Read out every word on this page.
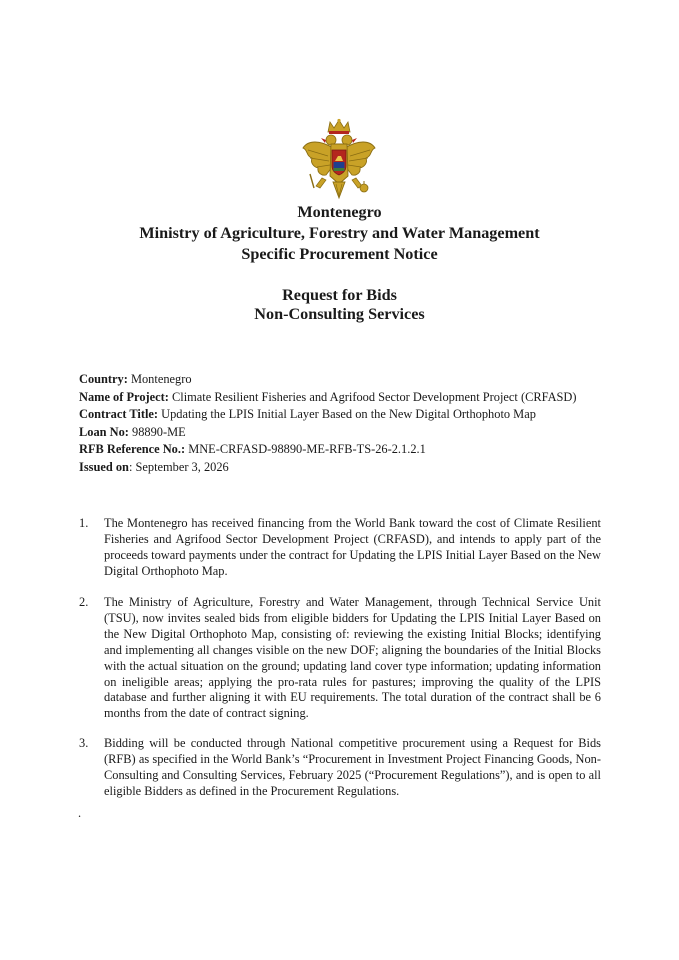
Montenegro
Ministry of Agriculture, Forestry and Water Management
Specific Procurement Notice
Request for Bids
Non-Consulting Services
Country: Montenegro
Name of Project: Climate Resilient Fisheries and Agrifood Sector Development Project (CRFASD)
Contract Title: Updating the LPIS Initial Layer Based on the New Digital Orthophoto Map
Loan No: 98890-ME
RFB Reference No.: MNE-CRFASD-98890-ME-RFB-TS-26-2.1.2.1
Issued on: September 3, 2026
1.	The Montenegro has received financing from the World Bank toward the cost of Climate Resilient Fisheries and Agrifood Sector Development Project (CRFASD), and intends to apply part of the proceeds toward payments under the contract for Updating the LPIS Initial Layer Based on the New Digital Orthophoto Map.
2.	The Ministry of Agriculture, Forestry and Water Management, through Technical Service Unit (TSU), now invites sealed bids from eligible bidders for Updating the LPIS Initial Layer Based on the New Digital Orthophoto Map, consisting of: reviewing the existing Initial Blocks; identifying and implementing all changes visible on the new DOF; aligning the boundaries of the Initial Blocks with the actual situation on the ground; updating land cover type information; updating information on ineligible areas; applying the pro-rata rules for pastures; improving the quality of the LPIS database and further aligning it with EU requirements. The total duration of the contract shall be 6 months from the date of contract signing.
3.	Bidding will be conducted through National competitive procurement using a Request for Bids (RFB) as specified in the World Bank’s “Procurement in Investment Project Financing Goods, Non-Consulting and Consulting Services, February 2025 (“Procurement Regulations”), and is open to all eligible Bidders as defined in the Procurement Regulations.
.
